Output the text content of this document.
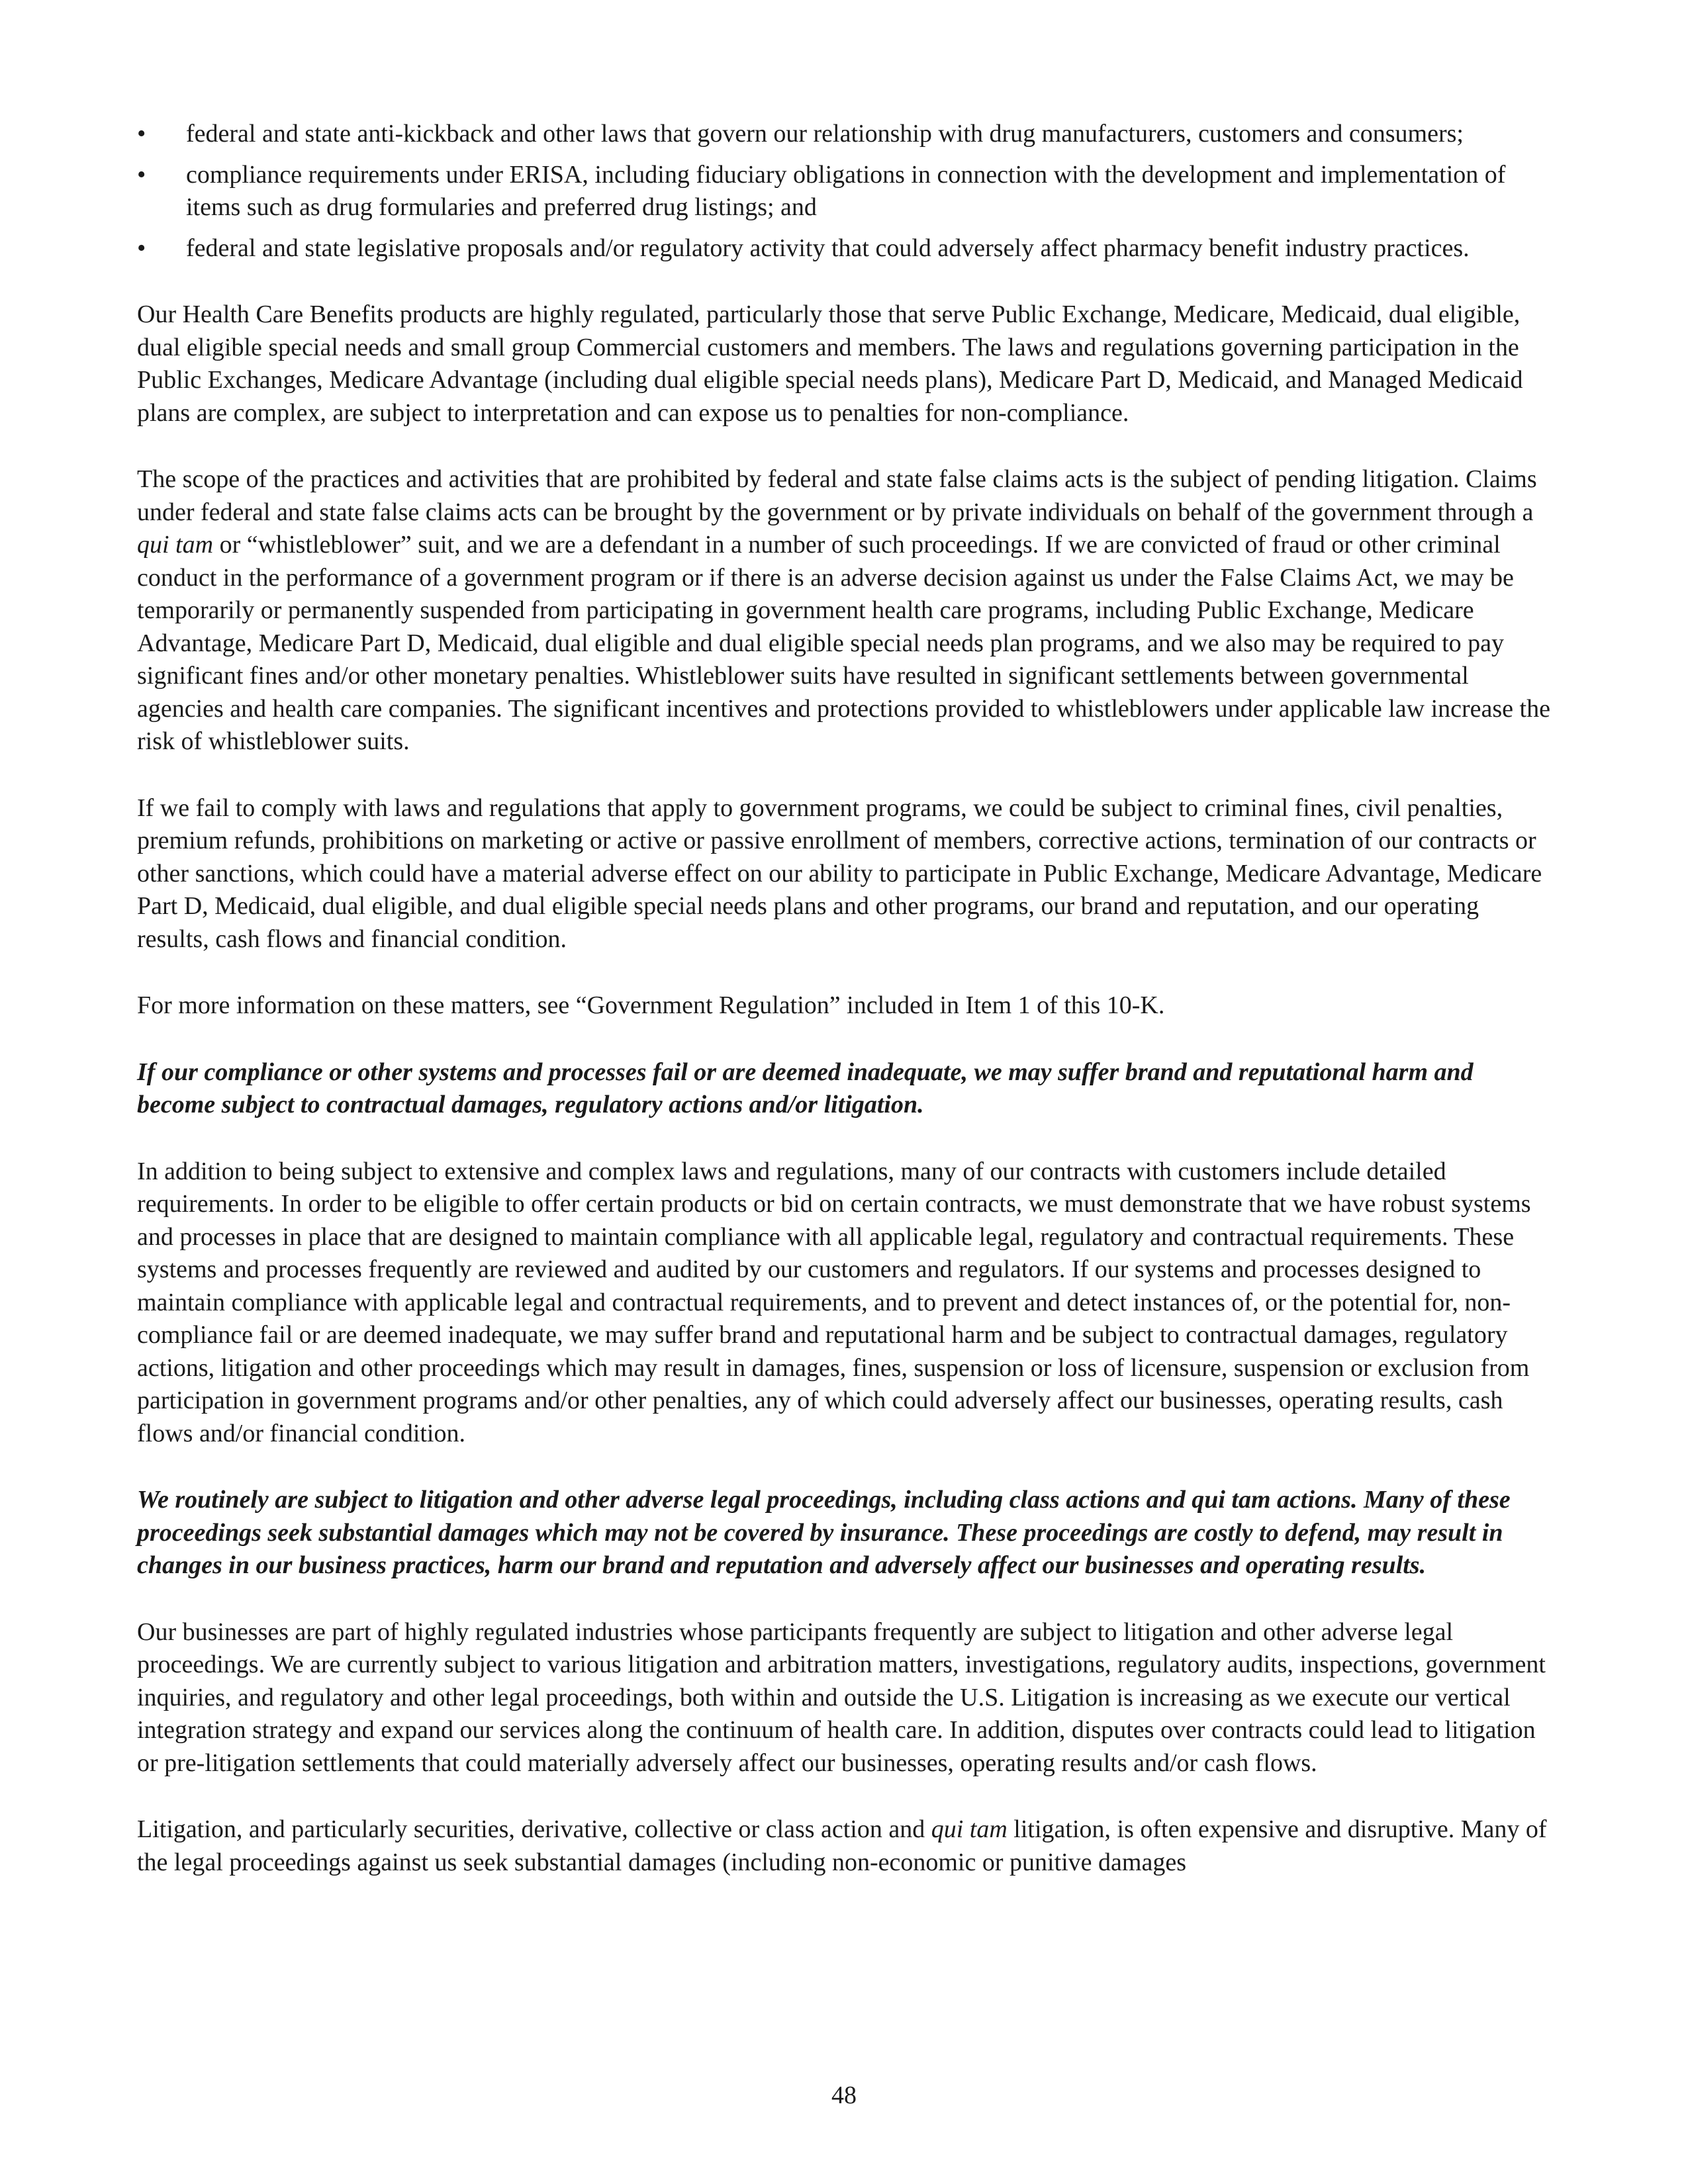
• federal and state anti-kickback and other laws that govern our relationship with drug manufacturers, customers and consumers;
• compliance requirements under ERISA, including fiduciary obligations in connection with the development and implementation of items such as drug formularies and preferred drug listings; and
• federal and state legislative proposals and/or regulatory activity that could adversely affect pharmacy benefit industry practices.

Our Health Care Benefits products are highly regulated, particularly those that serve Public Exchange, Medicare, Medicaid, dual eligible, dual eligible special needs and small group Commercial customers and members. The laws and regulations governing participation in the Public Exchanges, Medicare Advantage (including dual eligible special needs plans), Medicare Part D, Medicaid, and Managed Medicaid plans are complex, are subject to interpretation and can expose us to penalties for non-compliance.

The scope of the practices and activities that are prohibited by federal and state false claims acts is the subject of pending litigation. Claims under federal and state false claims acts can be brought by the government or by private individuals on behalf of the government through a qui tam or “whistleblower” suit, and we are a defendant in a number of such proceedings. If we are convicted of fraud or other criminal conduct in the performance of a government program or if there is an adverse decision against us under the False Claims Act, we may be temporarily or permanently suspended from participating in government health care programs, including Public Exchange, Medicare Advantage, Medicare Part D, Medicaid, dual eligible and dual eligible special needs plan programs, and we also may be required to pay significant fines and/or other monetary penalties. Whistleblower suits have resulted in significant settlements between governmental agencies and health care companies. The significant incentives and protections provided to whistleblowers under applicable law increase the risk of whistleblower suits.

If we fail to comply with laws and regulations that apply to government programs, we could be subject to criminal fines, civil penalties, premium refunds, prohibitions on marketing or active or passive enrollment of members, corrective actions, termination of our contracts or other sanctions, which could have a material adverse effect on our ability to participate in Public Exchange, Medicare Advantage, Medicare Part D, Medicaid, dual eligible, and dual eligible special needs plans and other programs, our brand and reputation, and our operating results, cash flows and financial condition.

For more information on these matters, see “Government Regulation” included in Item 1 of this 10-K.

If our compliance or other systems and processes fail or are deemed inadequate, we may suffer brand and reputational harm and become subject to contractual damages, regulatory actions and/or litigation.

In addition to being subject to extensive and complex laws and regulations, many of our contracts with customers include detailed requirements. In order to be eligible to offer certain products or bid on certain contracts, we must demonstrate that we have robust systems and processes in place that are designed to maintain compliance with all applicable legal, regulatory and contractual requirements. These systems and processes frequently are reviewed and audited by our customers and regulators. If our systems and processes designed to maintain compliance with applicable legal and contractual requirements, and to prevent and detect instances of, or the potential for, non-compliance fail or are deemed inadequate, we may suffer brand and reputational harm and be subject to contractual damages, regulatory actions, litigation and other proceedings which may result in damages, fines, suspension or loss of licensure, suspension or exclusion from participation in government programs and/or other penalties, any of which could adversely affect our businesses, operating results, cash flows and/or financial condition.

We routinely are subject to litigation and other adverse legal proceedings, including class actions and qui tam actions. Many of these proceedings seek substantial damages which may not be covered by insurance. These proceedings are costly to defend, may result in changes in our business practices, harm our brand and reputation and adversely affect our businesses and operating results.

Our businesses are part of highly regulated industries whose participants frequently are subject to litigation and other adverse legal proceedings. We are currently subject to various litigation and arbitration matters, investigations, regulatory audits, inspections, government inquiries, and regulatory and other legal proceedings, both within and outside the U.S. Litigation is increasing as we execute our vertical integration strategy and expand our services along the continuum of health care. In addition, disputes over contracts could lead to litigation or pre-litigation settlements that could materially adversely affect our businesses, operating results and/or cash flows.

Litigation, and particularly securities, derivative, collective or class action and qui tam litigation, is often expensive and disruptive. Many of the legal proceedings against us seek substantial damages (including non-economic or punitive damages

48
